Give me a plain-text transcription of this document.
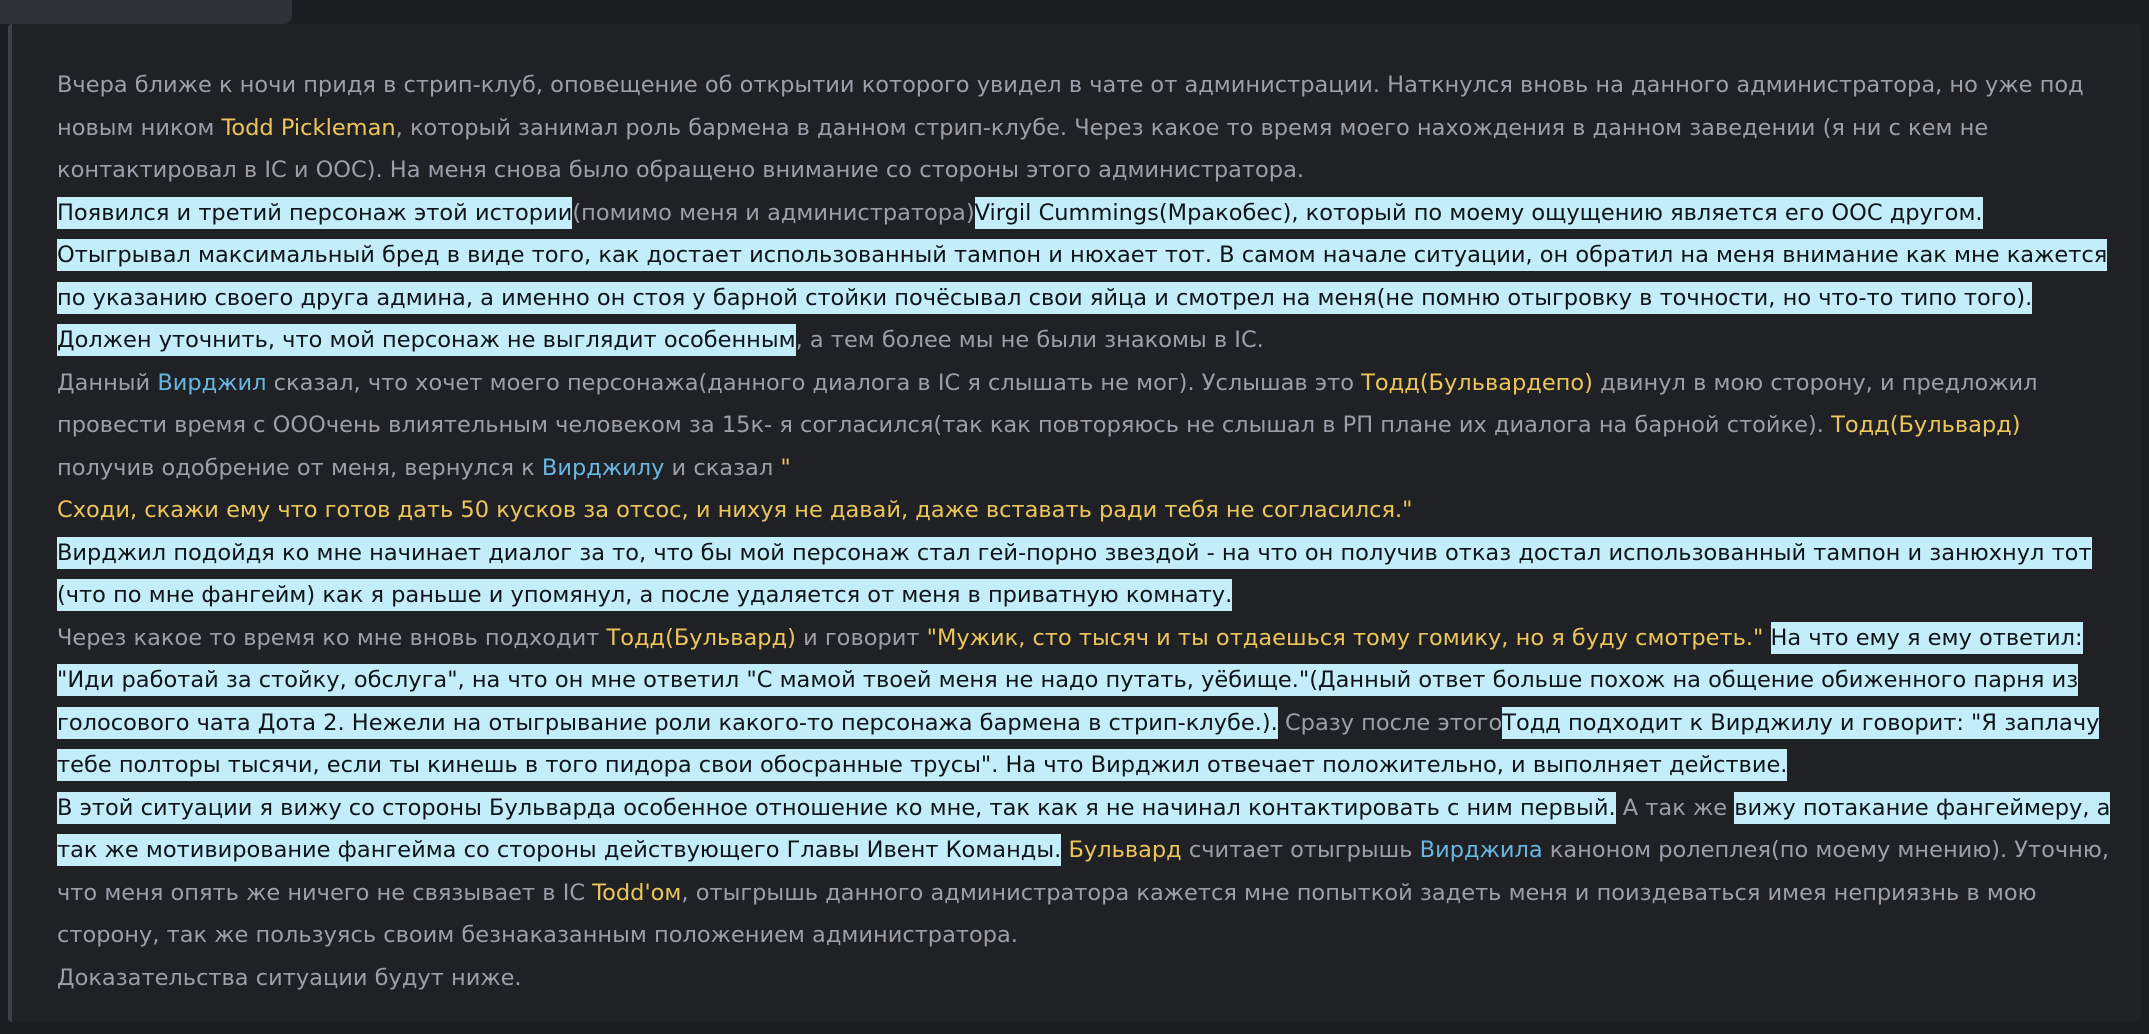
Вчера ближе к ночи придя в стрип-клуб, оповещение об открытии которого увидел в чате от администрации. Наткнулся вновь на данного администратора, но уже под новым ником Todd Pickleman, который занимал роль бармена в данном стрип-клубе. Через какое то время моего нахождения в данном заведении (я ни с кем не контактировал в IC и OOC). На меня снова было обращено внимание со стороны этого администратора.

Появился и третий персонаж этой истории(помимо меня и администратора)Virgil Cummings(Мракобес), который по моему ощущению является его ООС другом. Отыгрывал максимальный бред в виде того, как достает использованный тампон и нюхает тот. В самом начале ситуации, он обратил на меня внимание как мне кажется по указанию своего друга админа, а именно он стоя у барной стойки почёсывал свои яйца и смотрел на меня(не помню отыгровку в точности, но что-то типо того). Должен уточнить, что мой персонаж не выглядит особенным, а тем более мы не были знакомы в IC.

Данный Вирджил сказал, что хочет моего персонажа(данного диалога в IC я слышать не мог). Услышав это Тодд(Бульвардепо) двинул в мою сторону, и предложил провести время с ОООчень влиятельным человеком за 15к- я согласился(так как повторяюсь не слышал в РП плане их диалога на барной стойке). Тодд(Бульвард) получив одобрение от меня, вернулся к Вирджилу и сказал "

Сходи, скажи ему что готов дать 50 кусков за отсос, и нихуя не давай, даже вставать ради тебя не согласился."

Вирджил подойдя ко мне начинает диалог за то, что бы мой персонаж стал гей-порно звездой - на что он получив отказ достал использованный тампон и занюхнул тот (что по мне фангейм) как я раньше и упомянул, а после удаляется от меня в приватную комнату.

Через какое то время ко мне вновь подходит Тодд(Бульвард) и говорит "Мужик, сто тысяч и ты отдаешься тому гомику, но я буду смотреть." На что ему я ему ответил: "Иди работай за стойку, обслуга", на что он мне ответил "С мамой твоей меня не надо путать, уёбище."(Данный ответ больше похож на общение обиженного парня из голосового чата Дота 2. Нежели на отыгрывание роли какого-то персонажа бармена в стрип-клубе.). Сразу после этогоТодд подходит к Вирджилу и говорит: "Я заплачу тебе полторы тысячи, если ты кинешь в того пидора свои обосранные трусы". На что Вирджил отвечает положительно, и выполняет действие.

В этой ситуации я вижу со стороны Бульварда особенное отношение ко мне, так как я не начинал контактировать с ним первый. А так же вижу потакание фангеймеру, а так же мотивирование фангейма со стороны действующего Главы Ивент Команды. Бульвард считает отыгрышь Вирджила каноном ролеплея(по моему мнению). Уточню, что меня опять же ничего не связывает в IC Todd'ом, отыгрышь данного администратора кажется мне попыткой задеть меня и поиздеваться имея неприязнь в мою сторону, так же пользуясь своим безнаказанным положением администратора.

Доказательства ситуации будут ниже.
